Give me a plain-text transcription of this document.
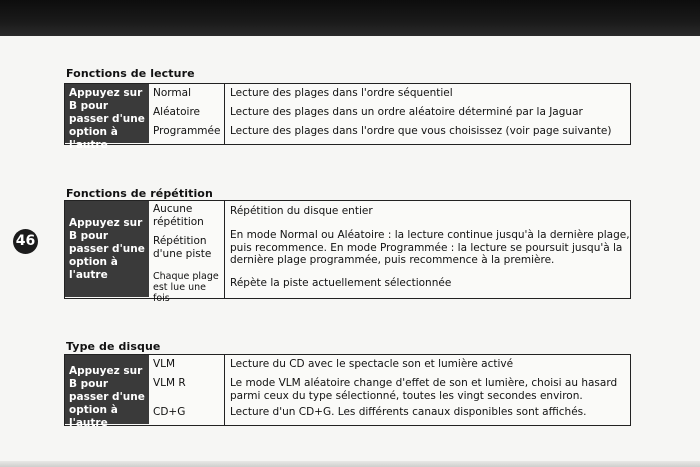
46
Fonctions de lecture
Appuyez sur B pour passer d'une option à l'autre
Normal
Aléatoire
Programmée
Lecture des plages dans l'ordre séquentiel
Lecture des plages dans un ordre aléatoire déterminé par la Jaguar
Lecture des plages dans l'ordre que vous choisissez (voir page suivante)
Fonctions de répétition
Appuyez sur B pour passer d'une option à l'autre
Aucune répétition
Répétition d'une piste
Chaque plage est lue une fois
Répétition du disque entier
En mode Normal ou Aléatoire : la lecture continue jusqu'à la dernière plage, puis recommence. En mode Programmée : la lecture se poursuit jusqu'à la dernière plage programmée, puis recommence à la première.
Répète la piste actuellement sélectionnée
Type de disque
Appuyez sur B pour passer d'une option à l'autre
VLM
VLM R
CD+G
Lecture du CD avec le spectacle son et lumière activé
Le mode VLM aléatoire change d'effet de son et lumière, choisi au hasard parmi ceux du type sélectionné, toutes les vingt secondes environ.
Lecture d'un CD+G. Les différents canaux disponibles sont affichés.
